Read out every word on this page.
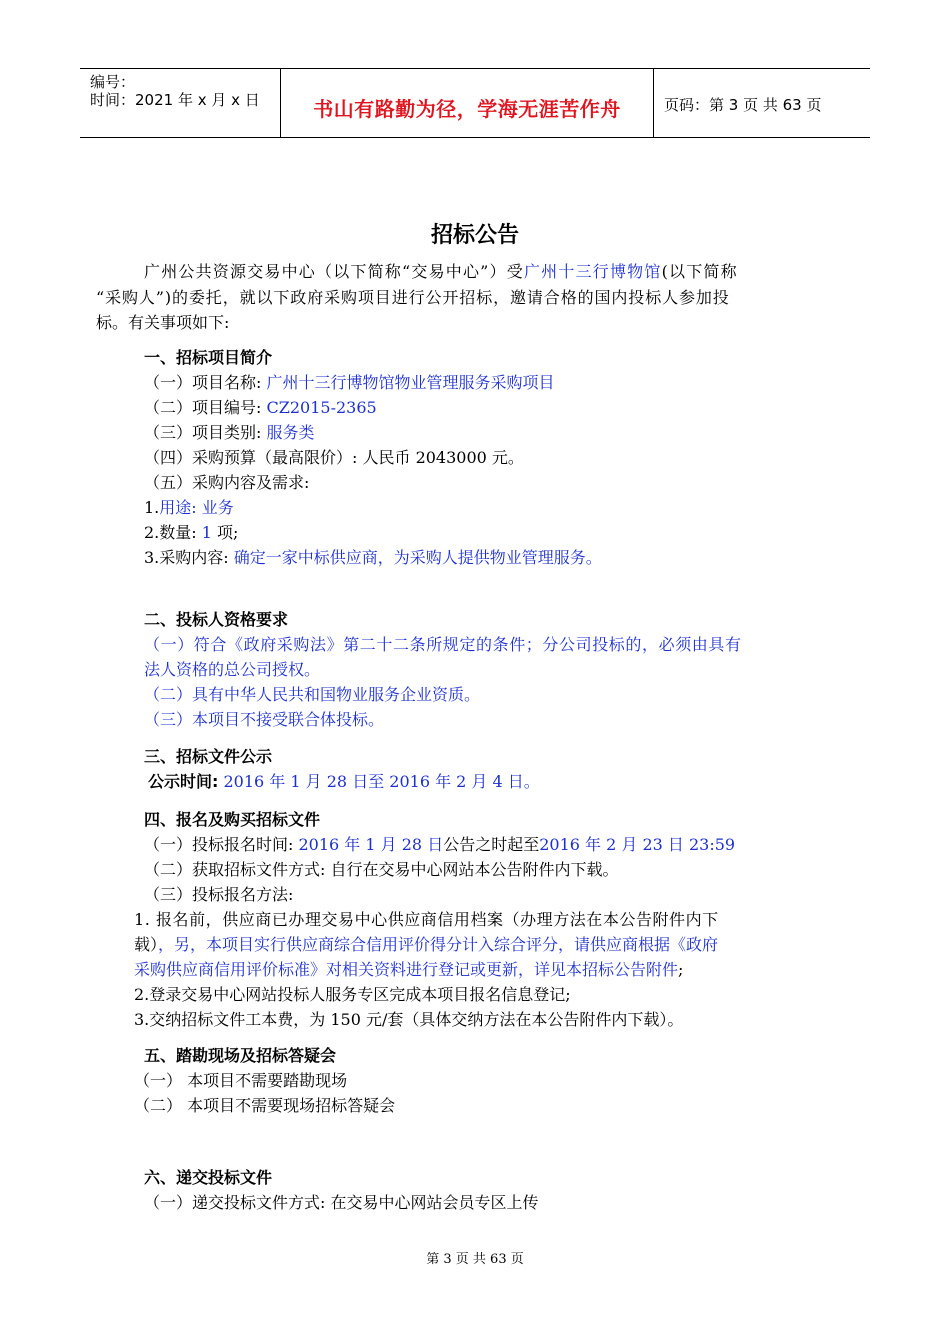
编号：
时间：2021 年 x 月 x 日	书山有路勤为径，学海无涯苦作舟	页码：第 3 页 共 63 页
招标公告
广州公共资源交易中心（以下简称“交易中心”）受广州十三行博物馆(以下简称
“采购人”)的委托，就以下政府采购项目进行公开招标，邀请合格的国内投标人参加投
标。有关事项如下:
一、招标项目简介
（一）项目名称: 广州十三行博物馆物业管理服务采购项目
（二）项目编号: CZ2015-2365
（三）项目类别: 服务类
（四）采购预算（最高限价）: 人民币 2043000 元。
（五）采购内容及需求:
1.用途: 业务
2.数量: 1 项;
3.采购内容: 确定一家中标供应商，为采购人提供物业管理服务。
二、投标人资格要求
（一）符合《政府采购法》第二十二条所规定的条件；分公司投标的，必须由具有
法人资格的总公司授权。
（二）具有中华人民共和国物业服务企业资质。
（三）本项目不接受联合体投标。
三、招标文件公示
公示时间: 2016 年 1 月 28 日至 2016 年 2 月 4 日。
四、报名及购买招标文件
（一）投标报名时间: 2016 年 1 月 28 日公告之时起至2016 年 2 月 23 日 23:59
（二）获取招标文件方式: 自行在交易中心网站本公告附件内下载。
（三）投标报名方法:
1. 报名前，供应商已办理交易中心供应商信用档案（办理方法在本公告附件内下
载），另，本项目实行供应商综合信用评价得分计入综合评分，请供应商根据《政府
采购供应商信用评价标准》对相关资料进行登记或更新，详见本招标公告附件;
2.登录交易中心网站投标人服务专区完成本项目报名信息登记;
3.交纳招标文件工本费，为 150 元/套（具体交纳方法在本公告附件内下载）。
五、踏勘现场及招标答疑会
（一） 本项目不需要踏勘现场
（二） 本项目不需要现场招标答疑会
六、递交投标文件
（一）递交投标文件方式: 在交易中心网站会员专区上传
第 3 页 共 63 页
